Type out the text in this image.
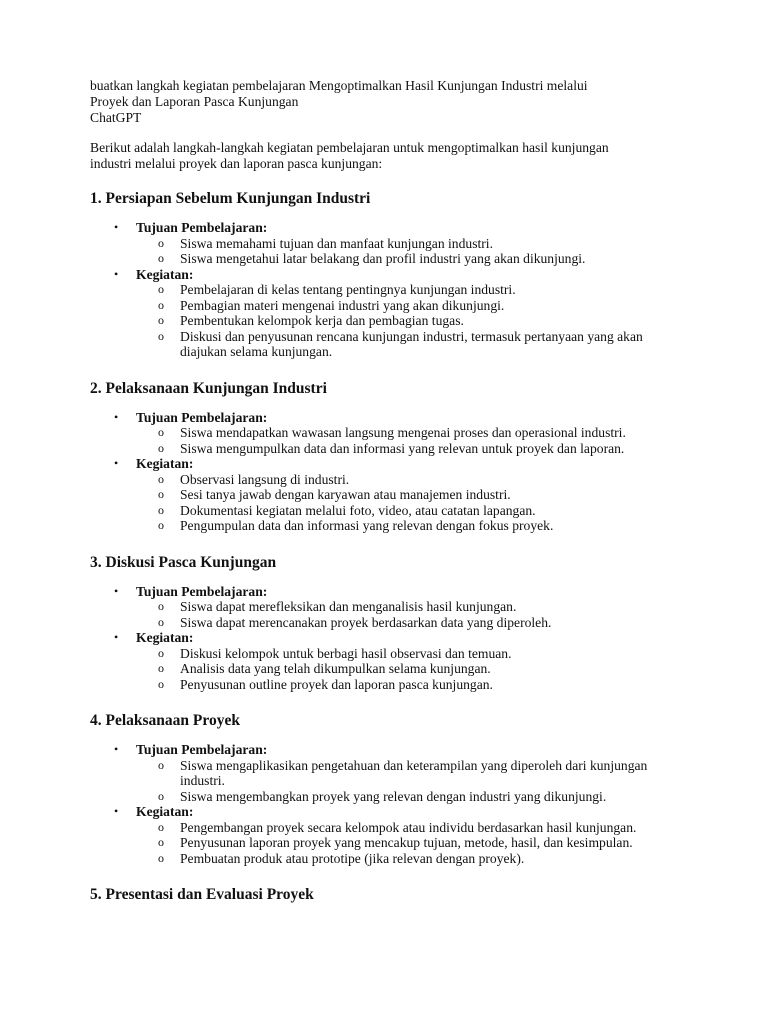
buatkan langkah kegiatan pembelajaran Mengoptimalkan Hasil Kunjungan Industri melalui

Proyek dan Laporan Pasca Kunjungan

ChatGPT

Berikut adalah langkah-langkah kegiatan pembelajaran untuk mengoptimalkan hasil kunjungan

industri melalui proyek dan laporan pasca kunjungan:

1. Persiapan Sebelum Kunjungan Industri
• Tujuan Pembelajaran:
o Siswa memahami tujuan dan manfaat kunjungan industri.
o Siswa mengetahui latar belakang dan profil industri yang akan dikunjungi.
• Kegiatan:
o Pembelajaran di kelas tentang pentingnya kunjungan industri.
o Pembagian materi mengenai industri yang akan dikunjungi.
o Pembentukan kelompok kerja dan pembagian tugas.
o Diskusi dan penyusunan rencana kunjungan industri, termasuk pertanyaan yang akan diajukan selama kunjungan.
2. Pelaksanaan Kunjungan Industri
• Tujuan Pembelajaran:
o Siswa mendapatkan wawasan langsung mengenai proses dan operasional industri.
o Siswa mengumpulkan data dan informasi yang relevan untuk proyek dan laporan.
• Kegiatan:
o Observasi langsung di industri.
o Sesi tanya jawab dengan karyawan atau manajemen industri.
o Dokumentasi kegiatan melalui foto, video, atau catatan lapangan.
o Pengumpulan data dan informasi yang relevan dengan fokus proyek.
3. Diskusi Pasca Kunjungan
• Tujuan Pembelajaran:
o Siswa dapat merefleksikan dan menganalisis hasil kunjungan.
o Siswa dapat merencanakan proyek berdasarkan data yang diperoleh.
• Kegiatan:
o Diskusi kelompok untuk berbagi hasil observasi dan temuan.
o Analisis data yang telah dikumpulkan selama kunjungan.
o Penyusunan outline proyek dan laporan pasca kunjungan.
4. Pelaksanaan Proyek
• Tujuan Pembelajaran:
o Siswa mengaplikasikan pengetahuan dan keterampilan yang diperoleh dari kunjungan industri.
o Siswa mengembangkan proyek yang relevan dengan industri yang dikunjungi.
• Kegiatan:
o Pengembangan proyek secara kelompok atau individu berdasarkan hasil kunjungan.
o Penyusunan laporan proyek yang mencakup tujuan, metode, hasil, dan kesimpulan.
o Pembuatan produk atau prototipe (jika relevan dengan proyek).
5. Presentasi dan Evaluasi Proyek
